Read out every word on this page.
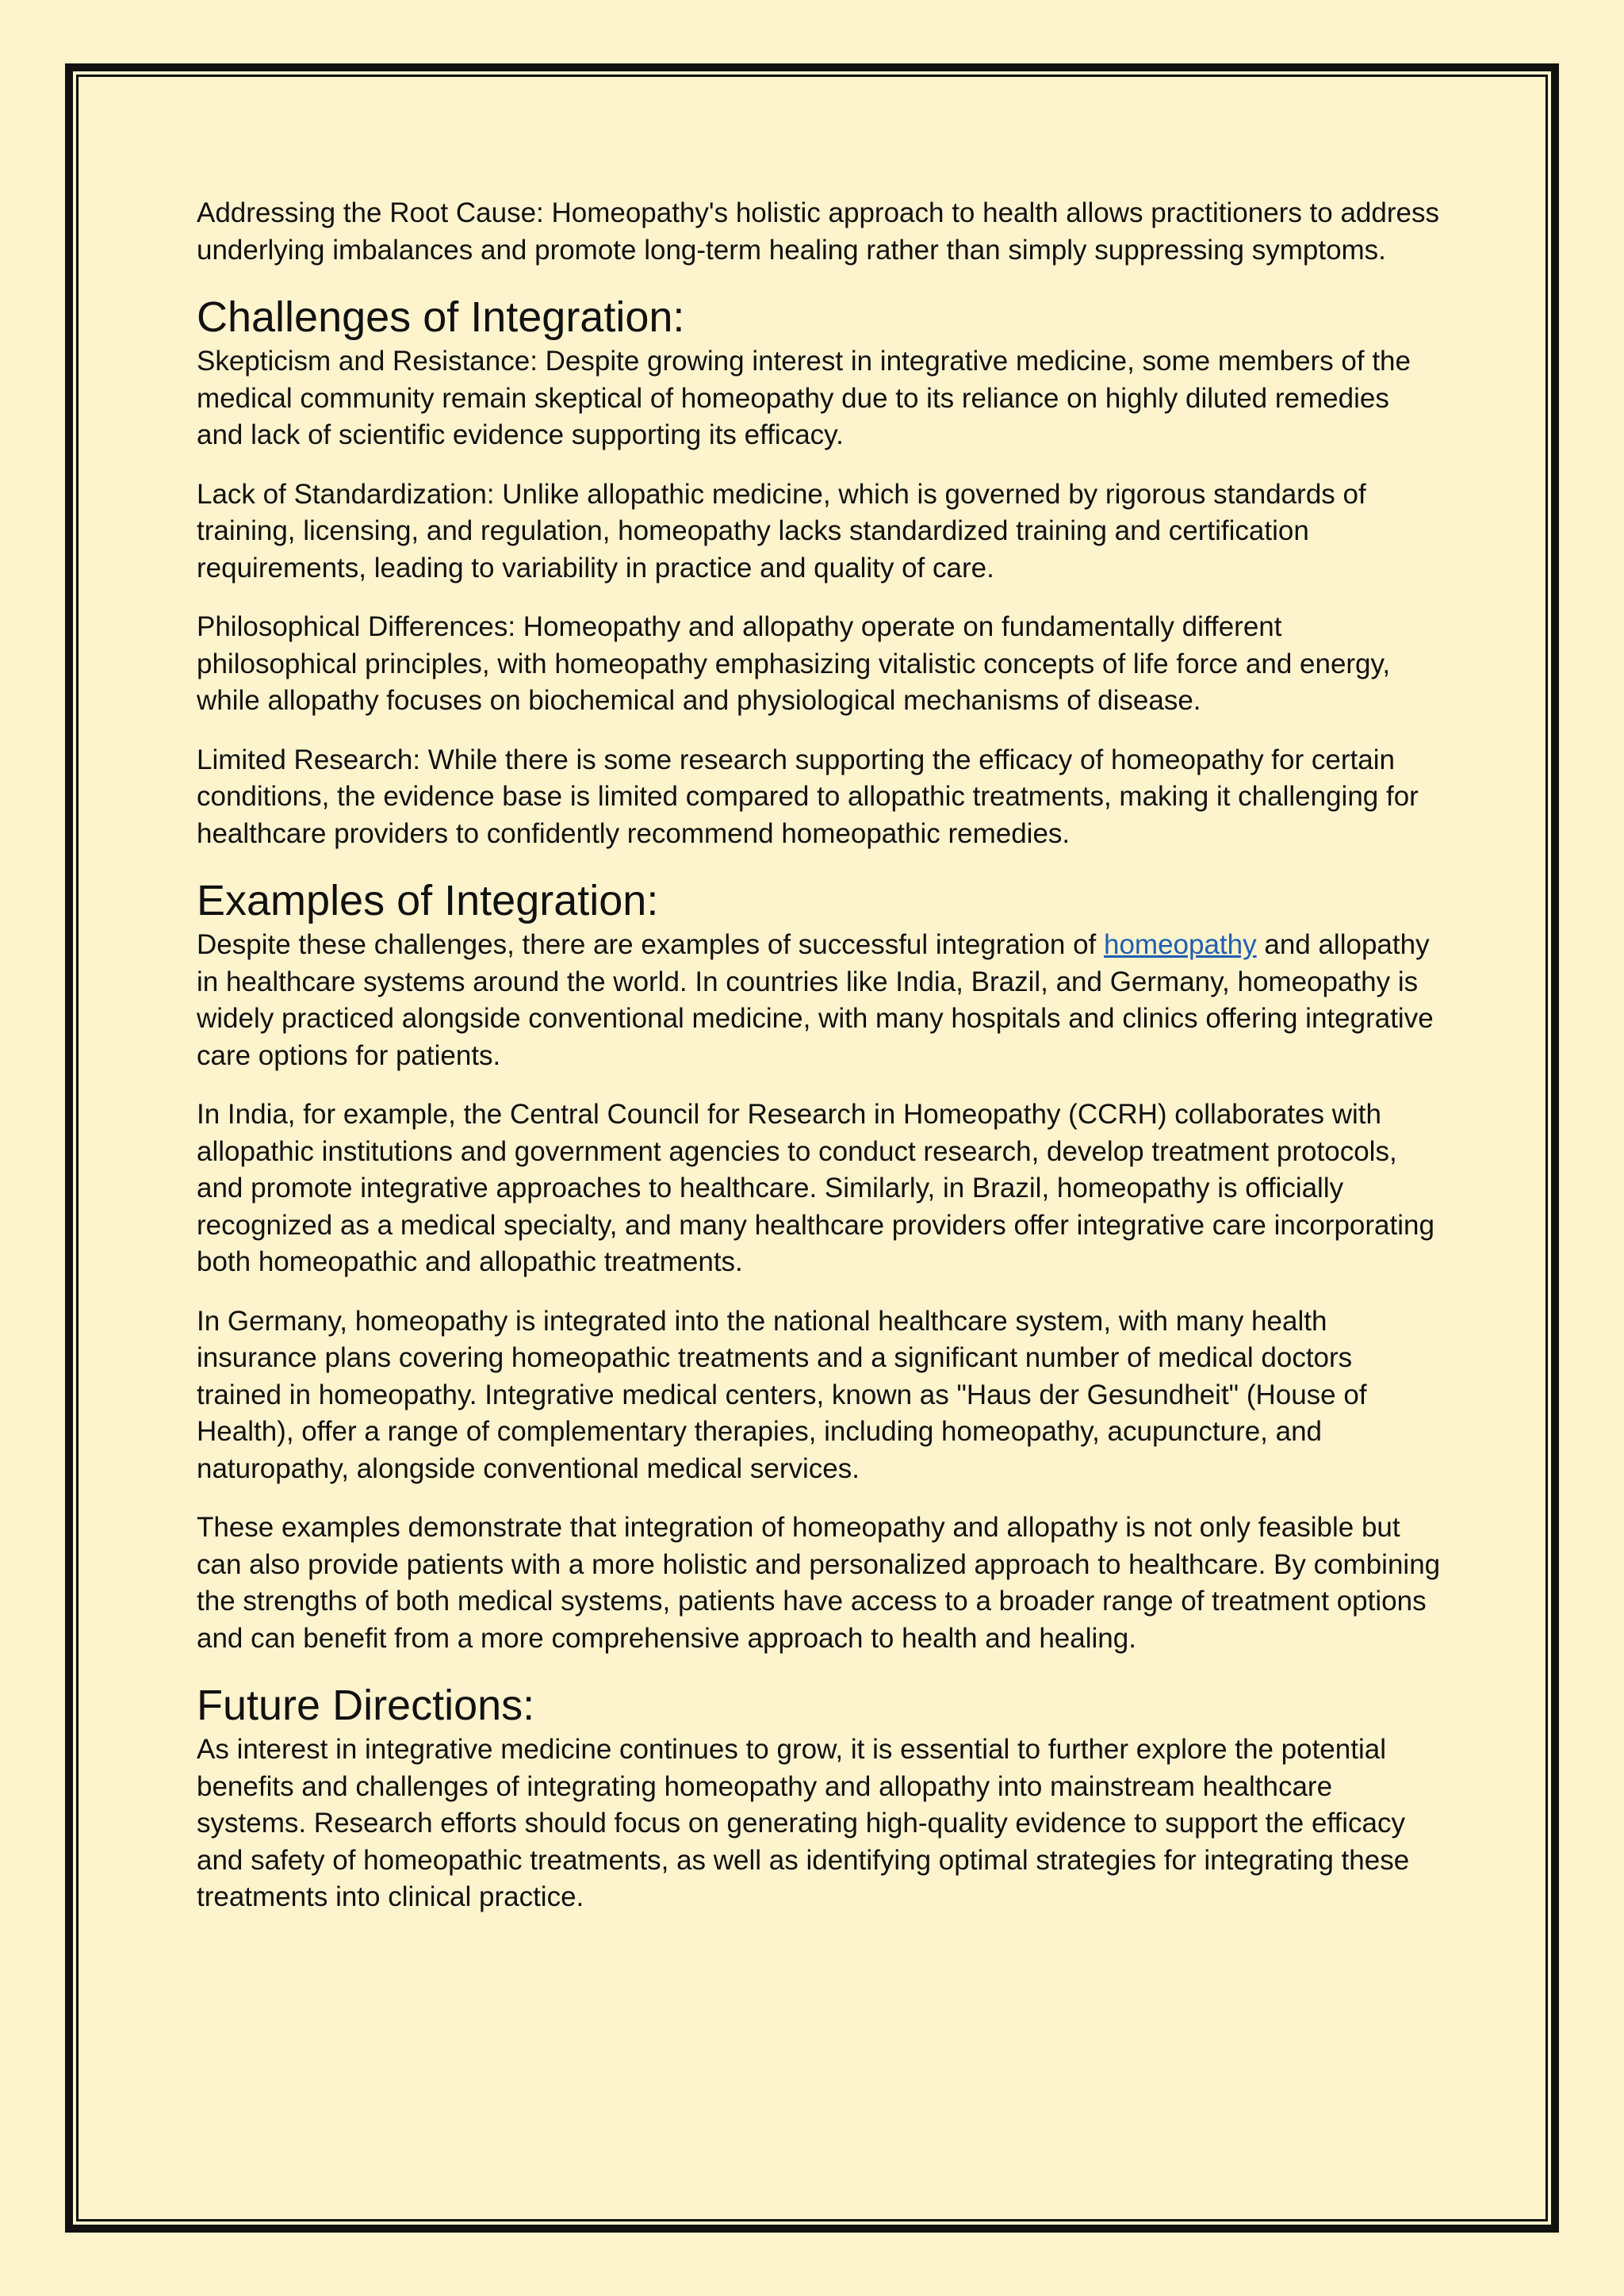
Addressing the Root Cause: Homeopathy's holistic approach to health allows practitioners to address underlying imbalances and promote long-term healing rather than simply suppressing symptoms.

Challenges of Integration:

Skepticism and Resistance: Despite growing interest in integrative medicine, some members of the medical community remain skeptical of homeopathy due to its reliance on highly diluted remedies and lack of scientific evidence supporting its efficacy.

Lack of Standardization: Unlike allopathic medicine, which is governed by rigorous standards of training, licensing, and regulation, homeopathy lacks standardized training and certification requirements, leading to variability in practice and quality of care.

Philosophical Differences: Homeopathy and allopathy operate on fundamentally different philosophical principles, with homeopathy emphasizing vitalistic concepts of life force and energy, while allopathy focuses on biochemical and physiological mechanisms of disease.

Limited Research: While there is some research supporting the efficacy of homeopathy for certain conditions, the evidence base is limited compared to allopathic treatments, making it challenging for healthcare providers to confidently recommend homeopathic remedies.

Examples of Integration:

Despite these challenges, there are examples of successful integration of homeopathy and allopathy in healthcare systems around the world. In countries like India, Brazil, and Germany, homeopathy is widely practiced alongside conventional medicine, with many hospitals and clinics offering integrative care options for patients.

In India, for example, the Central Council for Research in Homeopathy (CCRH) collaborates with allopathic institutions and government agencies to conduct research, develop treatment protocols, and promote integrative approaches to healthcare. Similarly, in Brazil, homeopathy is officially recognized as a medical specialty, and many healthcare providers offer integrative care incorporating both homeopathic and allopathic treatments.

In Germany, homeopathy is integrated into the national healthcare system, with many health insurance plans covering homeopathic treatments and a significant number of medical doctors trained in homeopathy. Integrative medical centers, known as "Haus der Gesundheit" (House of Health), offer a range of complementary therapies, including homeopathy, acupuncture, and naturopathy, alongside conventional medical services.

These examples demonstrate that integration of homeopathy and allopathy is not only feasible but can also provide patients with a more holistic and personalized approach to healthcare. By combining the strengths of both medical systems, patients have access to a broader range of treatment options and can benefit from a more comprehensive approach to health and healing.

Future Directions:

As interest in integrative medicine continues to grow, it is essential to further explore the potential benefits and challenges of integrating homeopathy and allopathy into mainstream healthcare systems. Research efforts should focus on generating high-quality evidence to support the efficacy and safety of homeopathic treatments, as well as identifying optimal strategies for integrating these treatments into clinical practice.
